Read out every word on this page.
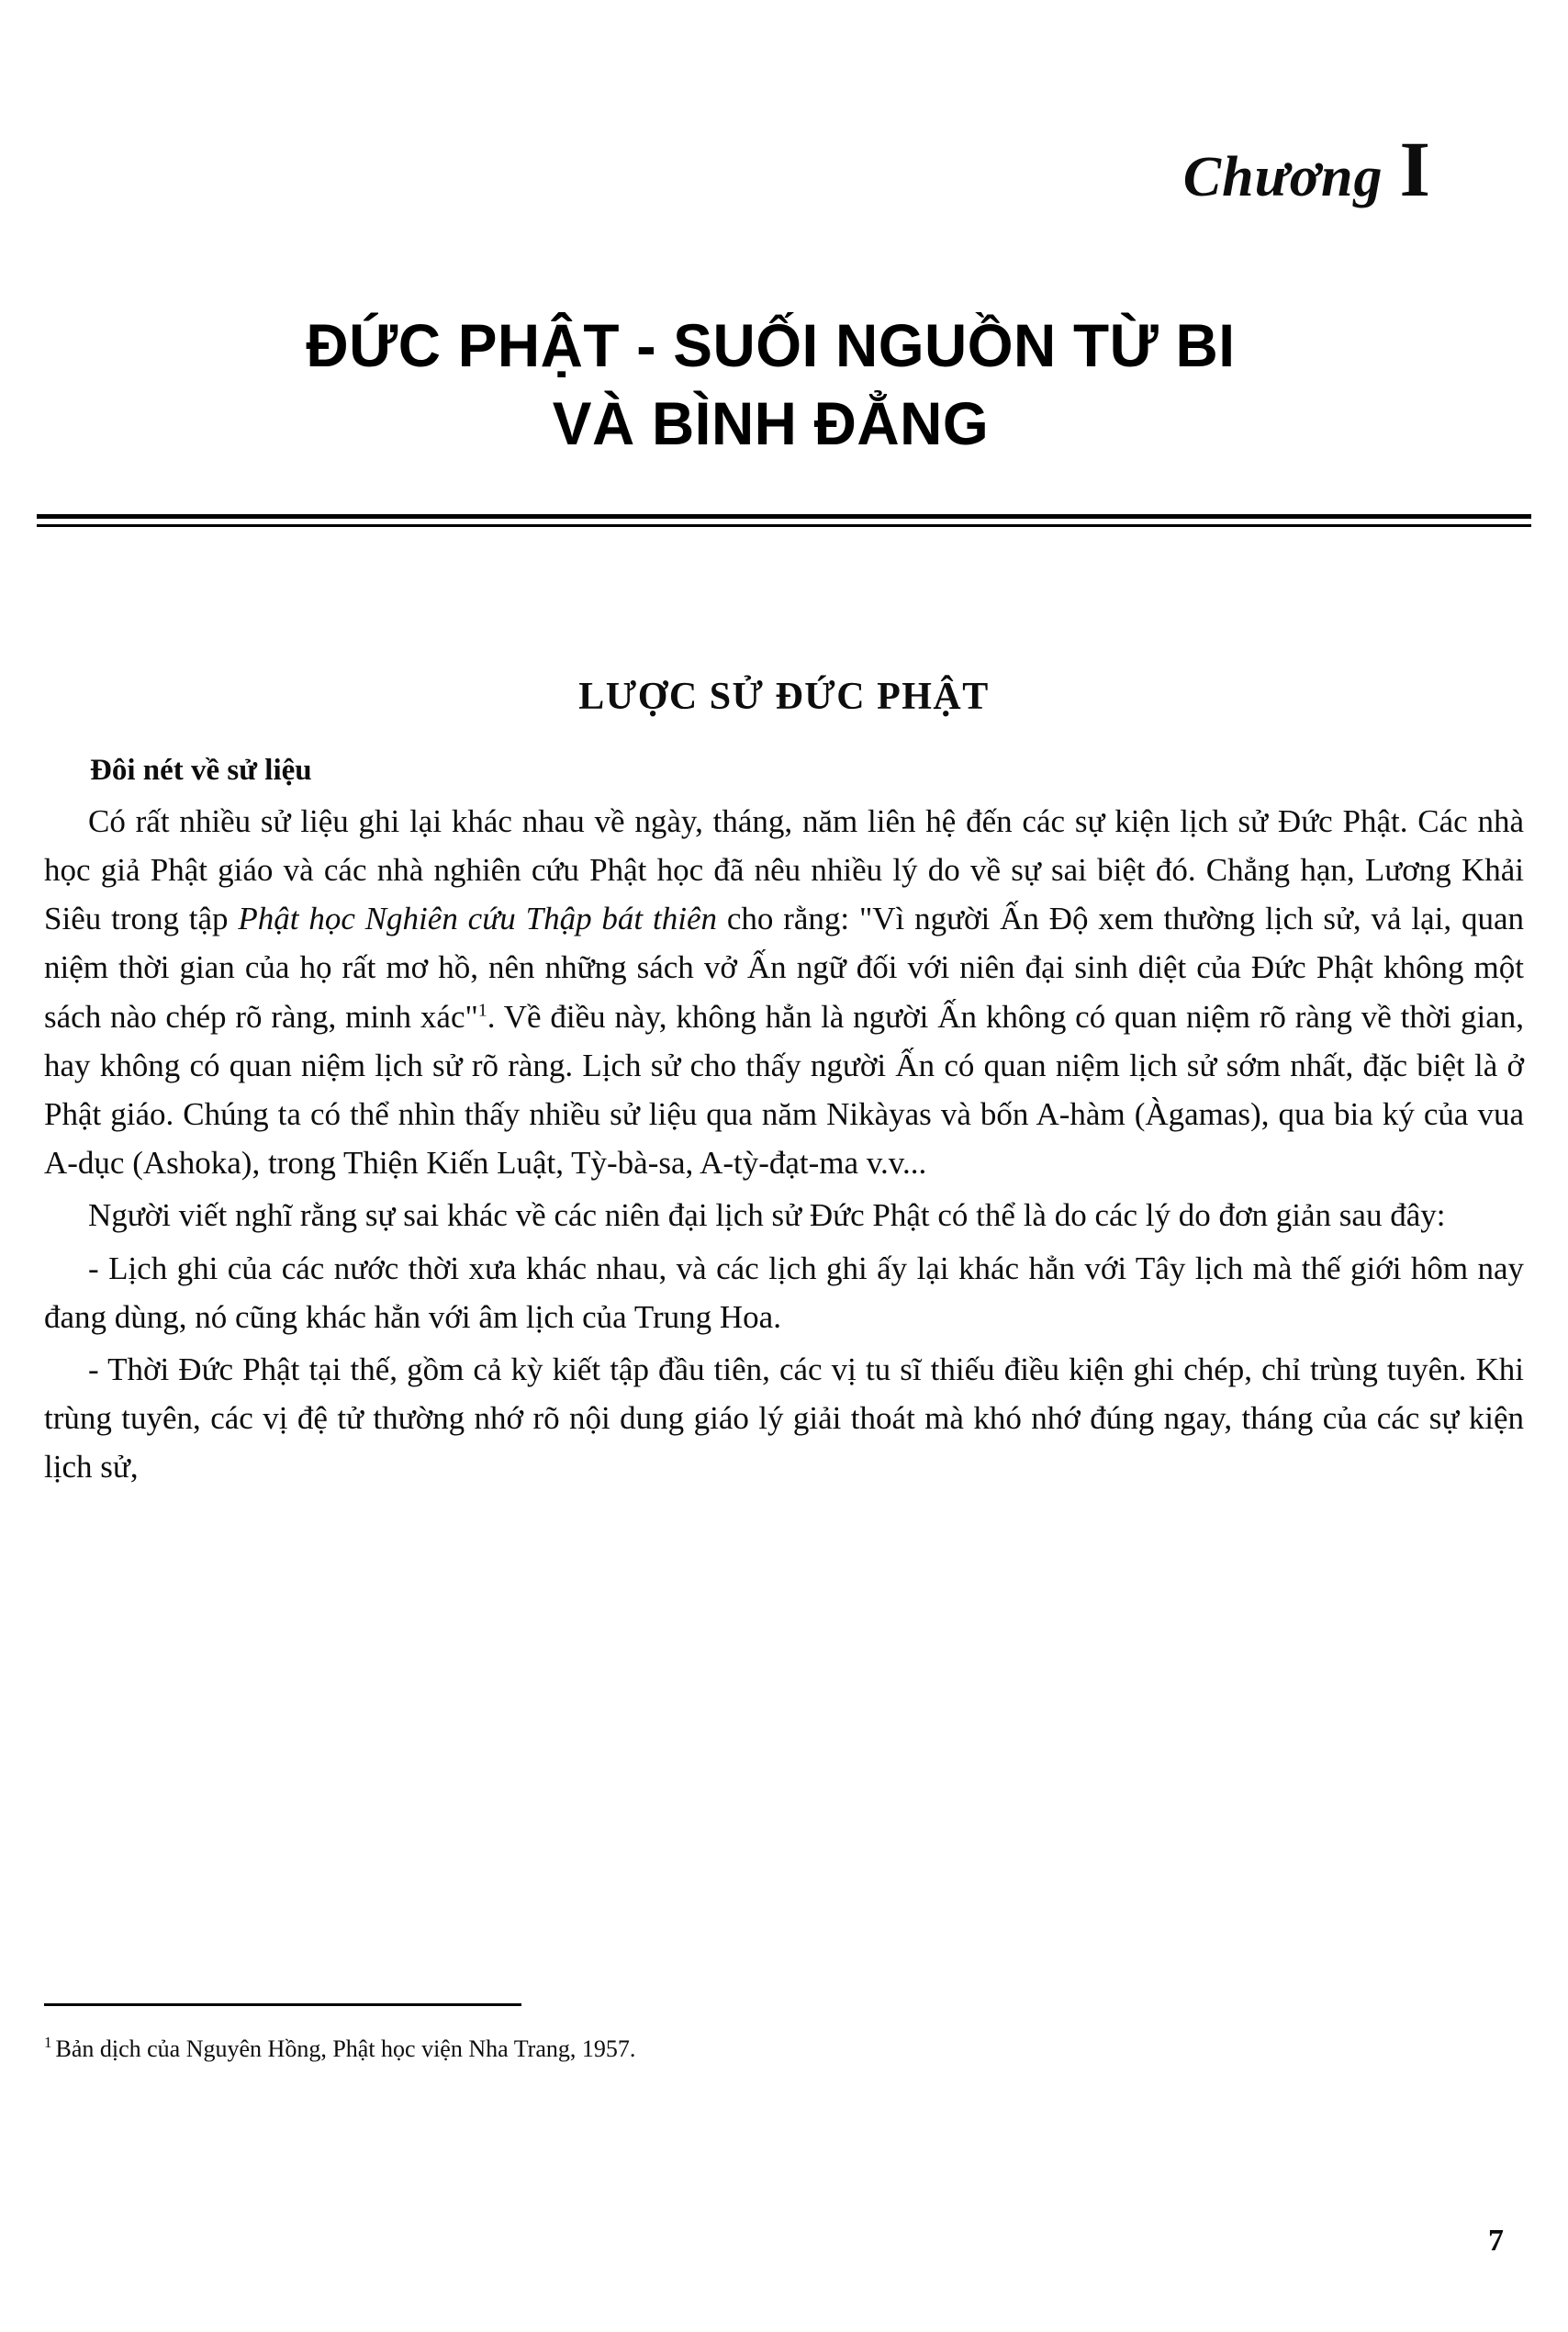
Chương I
ĐỨC PHẬT - SUỐI NGUỒN TỪ BI
VÀ BÌNH ĐẲNG
LƯỢC SỬ ĐỨC PHẬT
Đôi nét về sử liệu

Có rất nhiều sử liệu ghi lại khác nhau về ngày, tháng, năm liên hệ đến các sự kiện lịch sử Đức Phật. Các nhà học giả Phật giáo và các nhà nghiên cứu Phật học đã nêu nhiều lý do về sự sai biệt đó. Chẳng hạn, Lương Khải Siêu trong tập Phật học Nghiên cứu Thập bát thiên cho rằng: "Vì người Ấn Độ xem thường lịch sử, vả lại, quan niệm thời gian của họ rất mơ hồ, nên những sách vở Ấn ngữ đối với niên đại sinh diệt của Đức Phật không một sách nào chép rõ ràng, minh xác"$^1$. Về điều này, không hẳn là người Ấn không có quan niệm rõ ràng về thời gian, hay không có quan niệm lịch sử rõ ràng. Lịch sử cho thấy người Ấn có quan niệm lịch sử sớm nhất, đặc biệt là ở Phật giáo. Chúng ta có thể nhìn thấy nhiều sử liệu qua năm Nikàyas và bốn A-hàm (Àgamas), qua bia ký của vua A-dục (Ashoka), trong Thiện Kiến Luật, Tỳ-bà-sa, A-tỳ-đạt-ma v.v...

Người viết nghĩ rằng sự sai khác về các niên đại lịch sử Đức Phật có thể là do các lý do đơn giản sau đây:

- Lịch ghi của các nước thời xưa khác nhau, và các lịch ghi ấy lại khác hẳn với Tây lịch mà thế giới hôm nay đang dùng, nó cũng khác hẳn với âm lịch của Trung Hoa.

- Thời Đức Phật tại thế, gồm cả kỳ kiết tập đầu tiên, các vị tu sĩ thiếu điều kiện ghi chép, chỉ trùng tuyên. Khi trùng tuyên, các vị đệ tử thường nhớ rõ nội dung giáo lý giải thoát mà khó nhớ đúng ngay, tháng của các sự kiện lịch sử,

$^1$ Bản dịch của Nguyên Hồng, Phật học viện Nha Trang, 1957.
7
